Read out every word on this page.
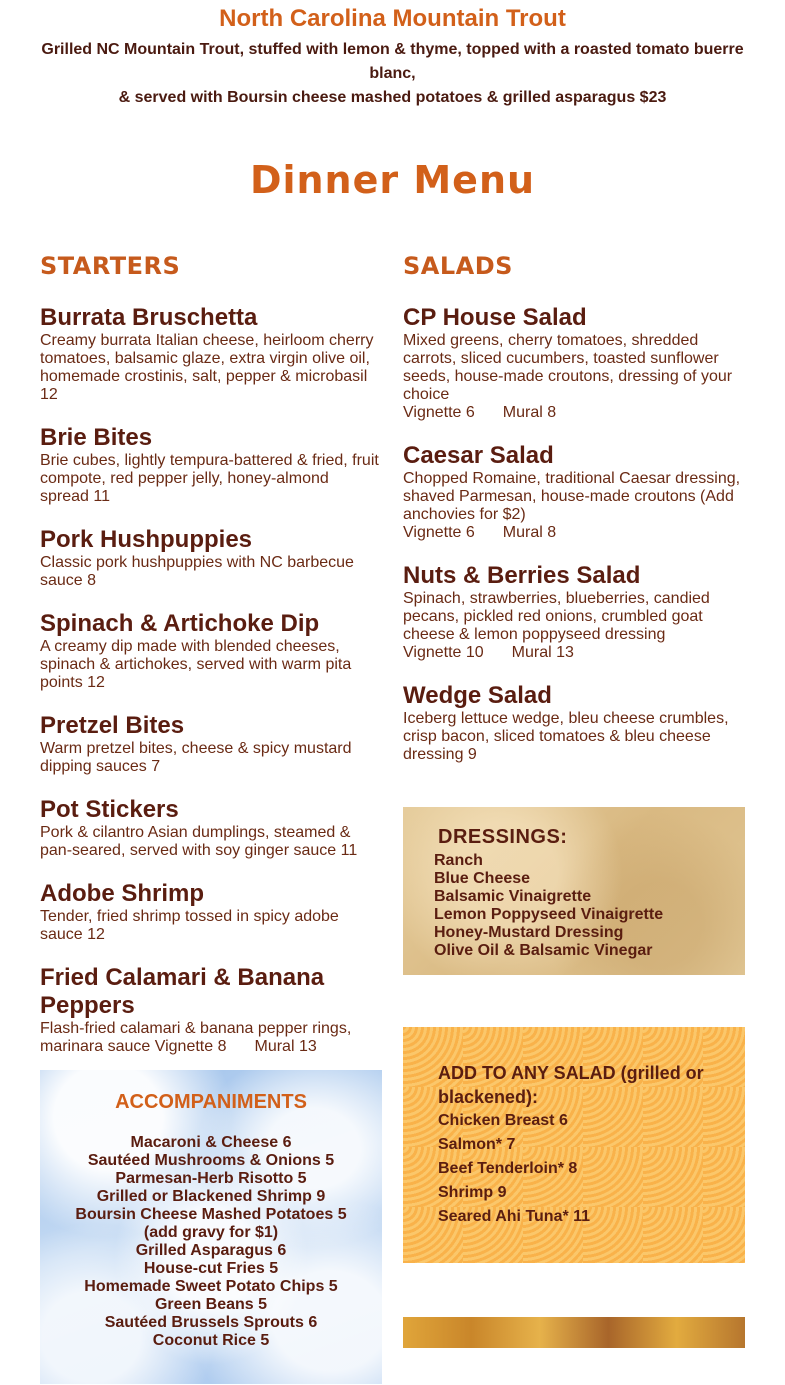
North Carolina Mountain Trout
Grilled NC Mountain Trout, stuffed with lemon & thyme, topped with a roasted tomato buerre blanc,
& served with Boursin cheese mashed potatoes & grilled asparagus $23
Dinner Menu
STARTERS
Burrata Bruschetta
Creamy burrata Italian cheese, heirloom cherry tomatoes, balsamic glaze, extra virgin olive oil, homemade crostinis, salt, pepper & microbasil 12
Brie Bites
Brie cubes, lightly tempura-battered & fried, fruit compote, red pepper jelly, honey-almond spread 11
Pork Hushpuppies
Classic pork hushpuppies with NC barbecue sauce 8
Spinach & Artichoke Dip
A creamy dip made with blended cheeses, spinach & artichokes, served with warm pita points 12
Pretzel Bites
Warm pretzel bites, cheese & spicy mustard dipping sauces 7
Pot Stickers
Pork & cilantro Asian dumplings, steamed & pan-seared, served with soy ginger sauce 11
Adobe Shrimp
Tender, fried shrimp tossed in spicy adobe sauce 12
Fried Calamari & Banana Peppers
Flash-fried calamari & banana pepper rings, marinara sauce Vignette 8 Mural 13
SALADS
CP House Salad
Mixed greens, cherry tomatoes, shredded carrots, sliced cucumbers, toasted sunflower seeds, house-made croutons, dressing of your choice
Vignette 6 Mural 8
Caesar Salad
Chopped Romaine, traditional Caesar dressing, shaved Parmesan, house-made croutons (Add anchovies for $2)
Vignette 6 Mural 8
Nuts & Berries Salad
Spinach, strawberries, blueberries, candied pecans, pickled red onions, crumbled goat cheese & lemon poppyseed dressing
Vignette 10 Mural 13
Wedge Salad
Iceberg lettuce wedge, bleu cheese crumbles, crisp bacon, sliced tomatoes & bleu cheese dressing 9
DRESSINGS:
Ranch
Blue Cheese
Balsamic Vinaigrette
Lemon Poppyseed Vinaigrette
Honey-Mustard Dressing
Olive Oil & Balsamic Vinegar
ADD TO ANY SALAD (grilled or blackened):
Chicken Breast 6
Salmon* 7
Beef Tenderloin* 8
Shrimp 9
Seared Ahi Tuna* 11
ACCOMPANIMENTS
Macaroni & Cheese 6
Sautéed Mushrooms & Onions 5
Parmesan-Herb Risotto 5
Grilled or Blackened Shrimp 9
Boursin Cheese Mashed Potatoes 5
(add gravy for $1)
Grilled Asparagus 6
House-cut Fries 5
Homemade Sweet Potato Chips 5
Green Beans 5
Sautéed Brussels Sprouts 6
Coconut Rice 5
